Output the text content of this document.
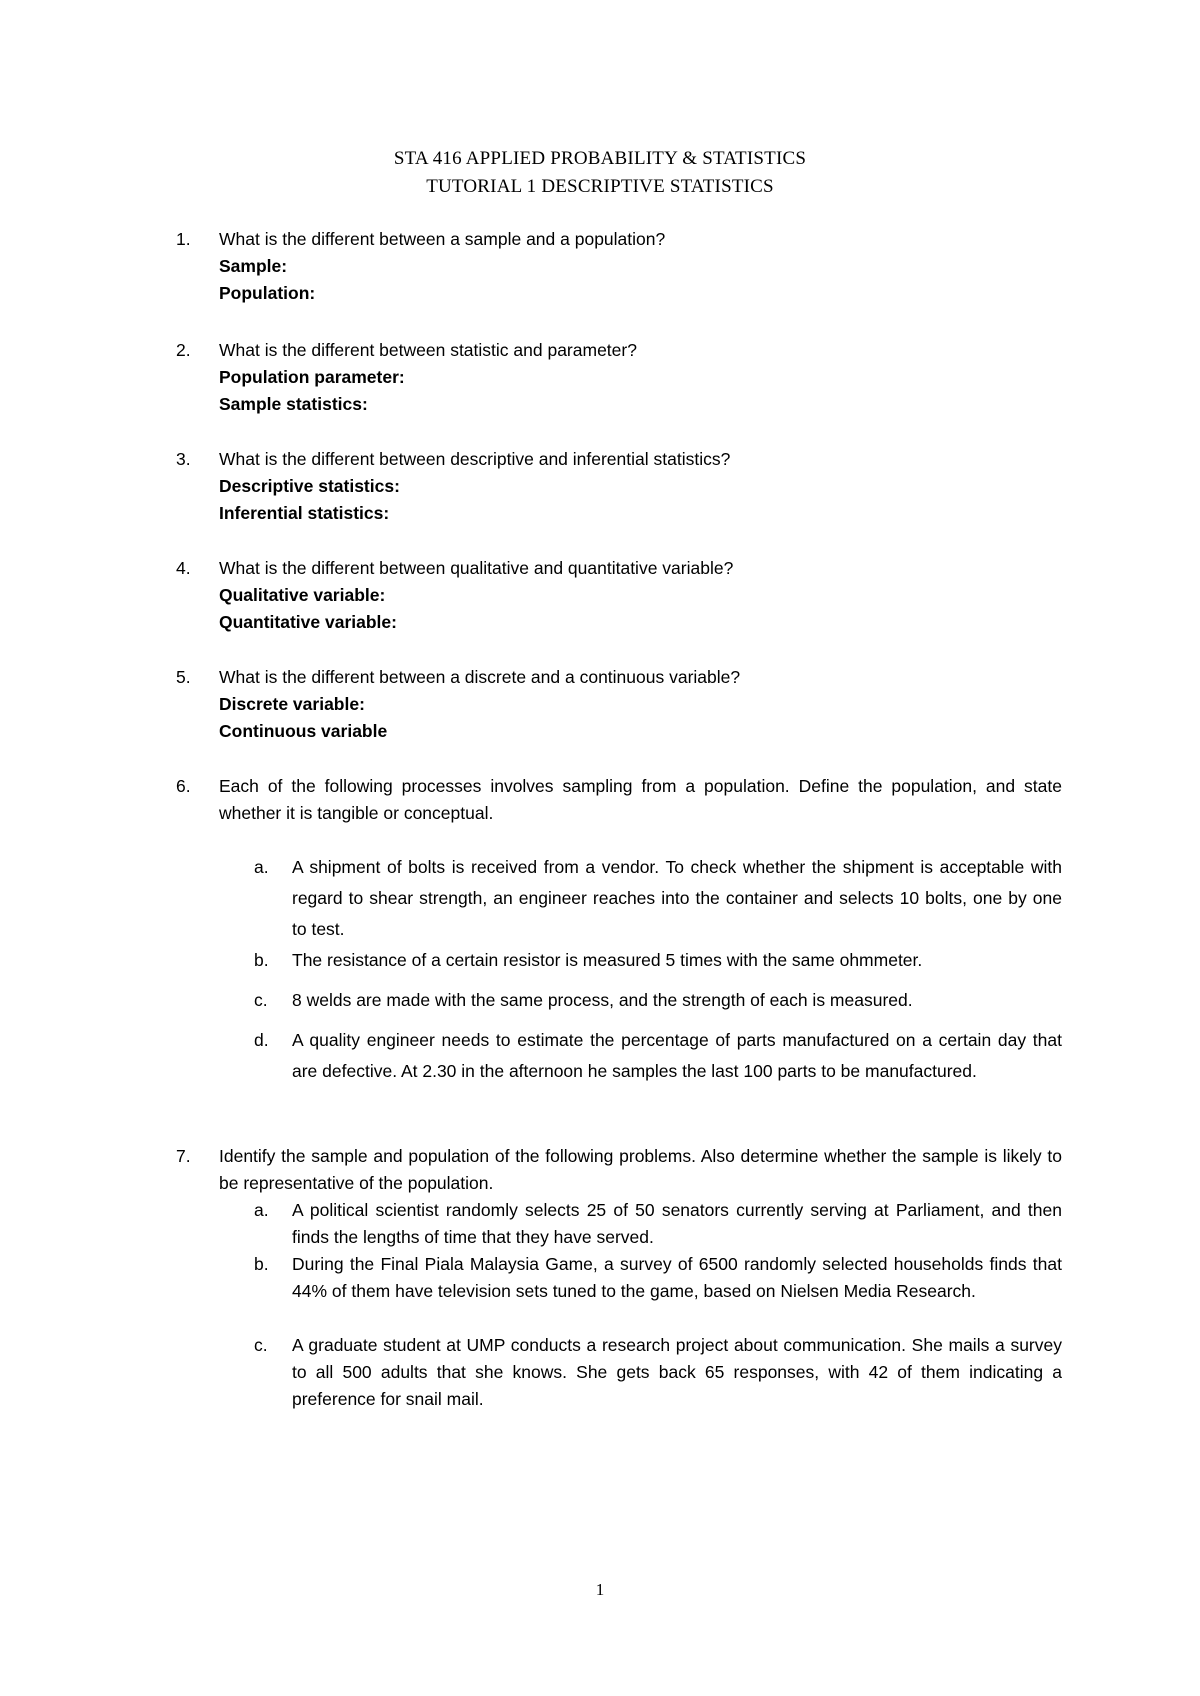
STA 416 APPLIED PROBABILITY & STATISTICS
TUTORIAL 1 DESCRIPTIVE STATISTICS
1. What is the different between a sample and a population?
Sample:
Population:
2. What is the different between statistic and parameter?
Population parameter:
Sample statistics:
3. What is the different between descriptive and inferential statistics?
Descriptive statistics:
Inferential statistics:
4. What is the different between qualitative and quantitative variable?
Qualitative variable:
Quantitative variable:
5. What is the different between a discrete and a continuous variable?
Discrete variable:
Continuous variable
6. Each of the following processes involves sampling from a population. Define the population, and state whether it is tangible or conceptual.
a. A shipment of bolts is received from a vendor. To check whether the shipment is acceptable with regard to shear strength, an engineer reaches into the container and selects 10 bolts, one by one to test.
b. The resistance of a certain resistor is measured 5 times with the same ohmmeter.
c. 8 welds are made with the same process, and the strength of each is measured.
d. A quality engineer needs to estimate the percentage of parts manufactured on a certain day that are defective. At 2.30 in the afternoon he samples the last 100 parts to be manufactured.
7. Identify the sample and population of the following problems. Also determine whether the sample is likely to be representative of the population.
a. A political scientist randomly selects 25 of 50 senators currently serving at Parliament, and then finds the lengths of time that they have served.
b. During the Final Piala Malaysia Game, a survey of 6500 randomly selected households finds that 44% of them have television sets tuned to the game, based on Nielsen Media Research.
c. A graduate student at UMP conducts a research project about communication. She mails a survey to all 500 adults that she knows. She gets back 65 responses, with 42 of them indicating a preference for snail mail.
1
